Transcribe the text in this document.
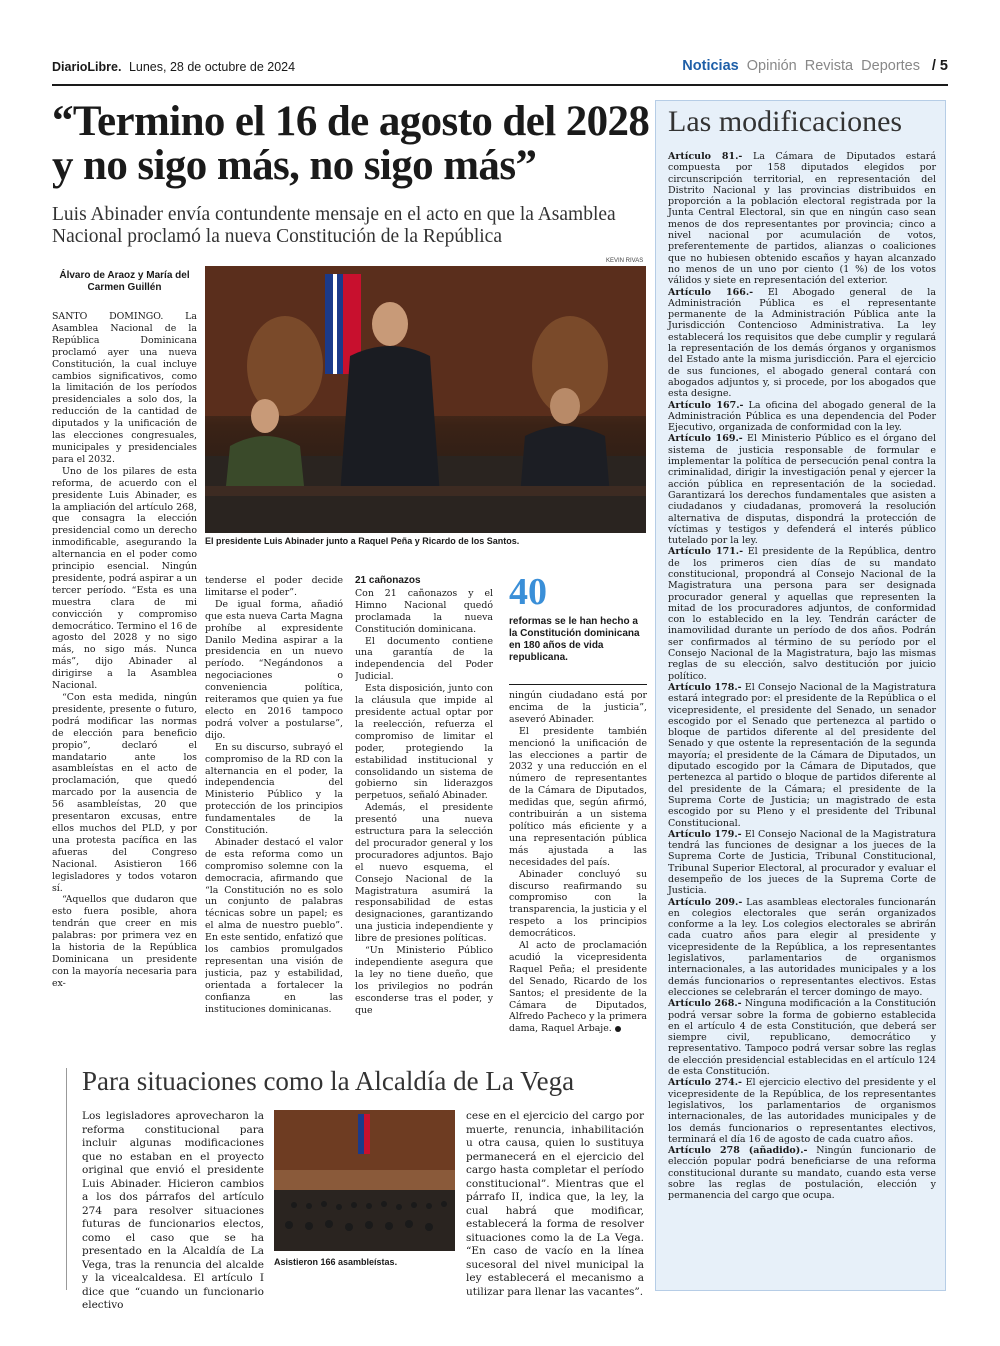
DiarioLibre. Lunes, 28 de octubre de 2024	Noticias Opinión Revista Deportes / 5
“Termino el 16 de agosto del 2028 y no sigo más, no sigo más”
Luis Abinader envía contundente mensaje en el acto en que la Asamblea Nacional proclamó la nueva Constitución de la República
KEVIN RIVAS
El presidente Luis Abinader junto a Raquel Peña y Ricardo de los Santos.
Álvaro de Araoz y María del Carmen Guillén

SANTO DOMINGO. La Asamblea Nacional de la República Dominicana proclamó ayer una nueva Constitución, la cual incluye cambios significativos, como la limitación de los períodos presidenciales a solo dos, la reducción de la cantidad de diputados y la unificación de las elecciones congresuales, municipales y presidenciales para el 2032.

Uno de los pilares de esta reforma, de acuerdo con el presidente Luis Abinader, es la ampliación del artículo 268, que consagra la elección presidencial como un derecho inmodificable, asegurando la alternancia en el poder como principio esencial. Ningún presidente, podrá aspirar a un tercer período. “Esta es una muestra clara de mi convicción y compromiso democrático. Termino el 16 de agosto del 2028 y no sigo más, no sigo más. Nunca más”, dijo Abinader al dirigirse a la Asamblea Nacional.

“Con esta medida, ningún presidente, presente o futuro, podrá modificar las normas de elección para beneficio propio”, declaró el mandatario ante los asambleístas en el acto de proclamación, que quedó marcado por la ausencia de 56 asambleístas, 20 que presentaron excusas, entre ellos muchos del PLD, y por una protesta pacífica en las afueras del Congreso Nacional. Asistieron 166 legisladores y todos votaron sí.

“Aquellos que dudaron que esto fuera posible, ahora tendrán que creer en mis palabras: por primera vez en la historia de la República Dominicana un presidente con la mayoría necesaria para ex-

tenderse el poder decide limitarse el poder”.

De igual forma, añadió que esta nueva Carta Magna prohíbe al expresidente Danilo Medina aspirar a la presidencia en un nuevo período. “Negándonos a negociaciones o conveniencia política, reiteramos que quien ya fue electo en 2016 tampoco podrá volver a postularse”, dijo.

En su discurso, subrayó el compromiso de la RD con la alternancia en el poder, la independencia del Ministerio Público y la protección de los principios fundamentales de la Constitución.

Abinader destacó el valor de esta reforma como un compromiso solemne con la democracia, afirmando que “la Constitución no es solo un conjunto de palabras técnicas sobre un papel; es el alma de nuestro pueblo”. En este sentido, enfatizó que los cambios promulgados representan una visión de justicia, paz y estabilidad, orientada a fortalecer la confianza en las instituciones dominicanas.

21 cañonazos

Con 21 cañonazos y el Himno Nacional quedó proclamada la nueva Constitución dominicana.

El documento contiene una garantía de la independencia del Poder Judicial.

Esta disposición, junto con la cláusula que impide al presidente actual optar por la reelección, refuerza el compromiso de limitar el poder, protegiendo la estabilidad institucional y consolidando un sistema de gobierno sin liderazgos perpetuos, señaló Abinader.

Además, el presidente presentó una nueva estructura para la selección del procurador general y los procuradores adjuntos. Bajo el nuevo esquema, el Consejo Nacional de la Magistratura asumirá la responsabilidad de estas designaciones, garantizando una justicia independiente y libre de presiones políticas.

“Un Ministerio Público independiente asegura que la ley no tiene dueño, que los privilegios no podrán esconderse tras el poder, y que

40
reformas se le han hecho a la Constitución dominicana en 180 años de vida republicana.

ningún ciudadano está por encima de la justicia”, aseveró Abinader.

El presidente también mencionó la unificación de las elecciones a partir de 2032 y una reducción en el número de representantes de la Cámara de Diputados, medidas que, según afirmó, contribuirán a un sistema político más eficiente y a una representación pública más ajustada a las necesidades del país.

Abinader concluyó su discurso reafirmando su compromiso con la transparencia, la justicia y el respeto a los principios democráticos.

Al acto de proclamación acudió la vicepresidenta Raquel Peña; el presidente del Senado, Ricardo de los Santos; el presidente de la Cámara de Diputados, Alfredo Pacheco y la primera dama, Raquel Arbaje.

Las modificaciones

Artículo 81.- La Cámara de Diputados estará compuesta por 158 diputados elegidos por circunscripción territorial, en representación del Distrito Nacional y las provincias distribuidos en proporción a la población electoral registrada por la Junta Central Electoral, sin que en ningún caso sean menos de dos representantes por provincia; cinco a nivel nacional por acumulación de votos, preferentemente de partidos, alianzas o coaliciones que no hubiesen obtenido escaños y hayan alcanzado no menos de un uno por ciento (1 %) de los votos válidos y siete en representación del exterior.

Artículo 166.- El Abogado general de la Administración Pública es el representante permanente de la Administración Pública ante la Jurisdicción Contencioso Administrativa. La ley establecerá los requisitos que debe cumplir y regulará la representación de los demás órganos y organismos del Estado ante la misma jurisdicción. Para el ejercicio de sus funciones, el abogado general contará con abogados adjuntos y, si procede, por los abogados que esta designe.

Artículo 167.- La oficina del abogado general de la Administración Pública es una dependencia del Poder Ejecutivo, organizada de conformidad con la ley.

Artículo 169.- El Ministerio Público es el órgano del sistema de justicia responsable de formular e implementar la política de persecución penal contra la criminalidad, dirigir la investigación penal y ejercer la acción pública en representación de la sociedad. Garantizará los derechos fundamentales que asisten a ciudadanos y ciudadanas, promoverá la resolución alternativa de disputas, dispondrá la protección de víctimas y testigos y defenderá el interés público tutelado por la ley.

Artículo 171.- El presidente de la República, dentro de los primeros cien días de su mandato constitucional, propondrá al Consejo Nacional de la Magistratura una persona para ser designada procurador general y aquellas que representen la mitad de los procuradores adjuntos, de conformidad con lo establecido en la ley. Tendrán carácter de inamovilidad durante un período de dos años. Podrán ser confirmados al término de su período por el Consejo Nacional de la Magistratura, bajo las mismas reglas de su elección, salvo destitución por juicio político.

Artículo 178.- El Consejo Nacional de la Magistratura estará integrado por: el presidente de la República o el vicepresidente, el presidente del Senado, un senador escogido por el Senado que pertenezca al partido o bloque de partidos diferente al del presidente del Senado y que ostente la representación de la segunda mayoría; el presidente de la Cámara de Diputados, un diputado escogido por la Cámara de Diputados, que pertenezca al partido o bloque de partidos diferente al del presidente de la Cámara; el presidente de la Suprema Corte de Justicia; un magistrado de esta escogido por su Pleno y el presidente del Tribunal Constitucional.

Artículo 179.- El Consejo Nacional de la Magistratura tendrá las funciones de designar a los jueces de la Suprema Corte de Justicia, Tribunal Constitucional, Tribunal Superior Electoral, al procurador y evaluar el desempeño de los jueces de la Suprema Corte de Justicia.

Artículo 209.- Las asambleas electorales funcionarán en colegios electorales que serán organizados conforme a la ley. Los colegios electorales se abrirán cada cuatro años para elegir al presidente y vicepresidente de la República, a los representantes legislativos, parlamentarios de organismos internacionales, a las autoridades municipales y a los demás funcionarios o representantes electivos. Estas elecciones se celebrarán el tercer domingo de mayo.

Artículo 268.- Ninguna modificación a la Constitución podrá versar sobre la forma de gobierno establecida en el artículo 4 de esta Constitución, que deberá ser siempre civil, republicano, democrático y representativo. Tampoco podrá versar sobre las reglas de elección presidencial establecidas en el artículo 124 de esta Constitución.

Artículo 274.- El ejercicio electivo del presidente y el vicepresidente de la República, de los representantes legislativos, los parlamentarios de organismos internacionales, de las autoridades municipales y de los demás funcionarios o representantes electivos, terminará el día 16 de agosto de cada cuatro años.

Artículo 278 (añadido).- Ningún funcionario de elección popular podrá beneficiarse de una reforma constitucional durante su mandato, cuando esta verse sobre las reglas de postulación, elección y permanencia del cargo que ocupa.

Para situaciones como la Alcaldía de La Vega
Los legisladores aprovecharon la reforma constitucional para incluir algunas modificaciones que no estaban en el proyecto original que envió el presidente Luis Abinader. Hicieron cambios a los dos párrafos del artículo 274 para resolver situaciones futuras de funcionarios electos, como el caso que se ha presentado en la Alcaldía de La Vega, tras la renuncia del alcalde y la vicealcaldesa. El artículo I dice que “cuando un funcionario electivo
Asistieron 166 asambleístas.
cese en el ejercicio del cargo por muerte, renuncia, inhabilitación u otra causa, quien lo sustituya permanecerá en el ejercicio del cargo hasta completar el período constitucional”. Mientras que el párrafo II, indica que, la ley, la cual habrá que modificar, establecerá la forma de resolver situaciones como la de La Vega. “En caso de vacío en la línea sucesoral del nivel municipal la ley establecerá el mecanismo a utilizar para llenar las vacantes”.
